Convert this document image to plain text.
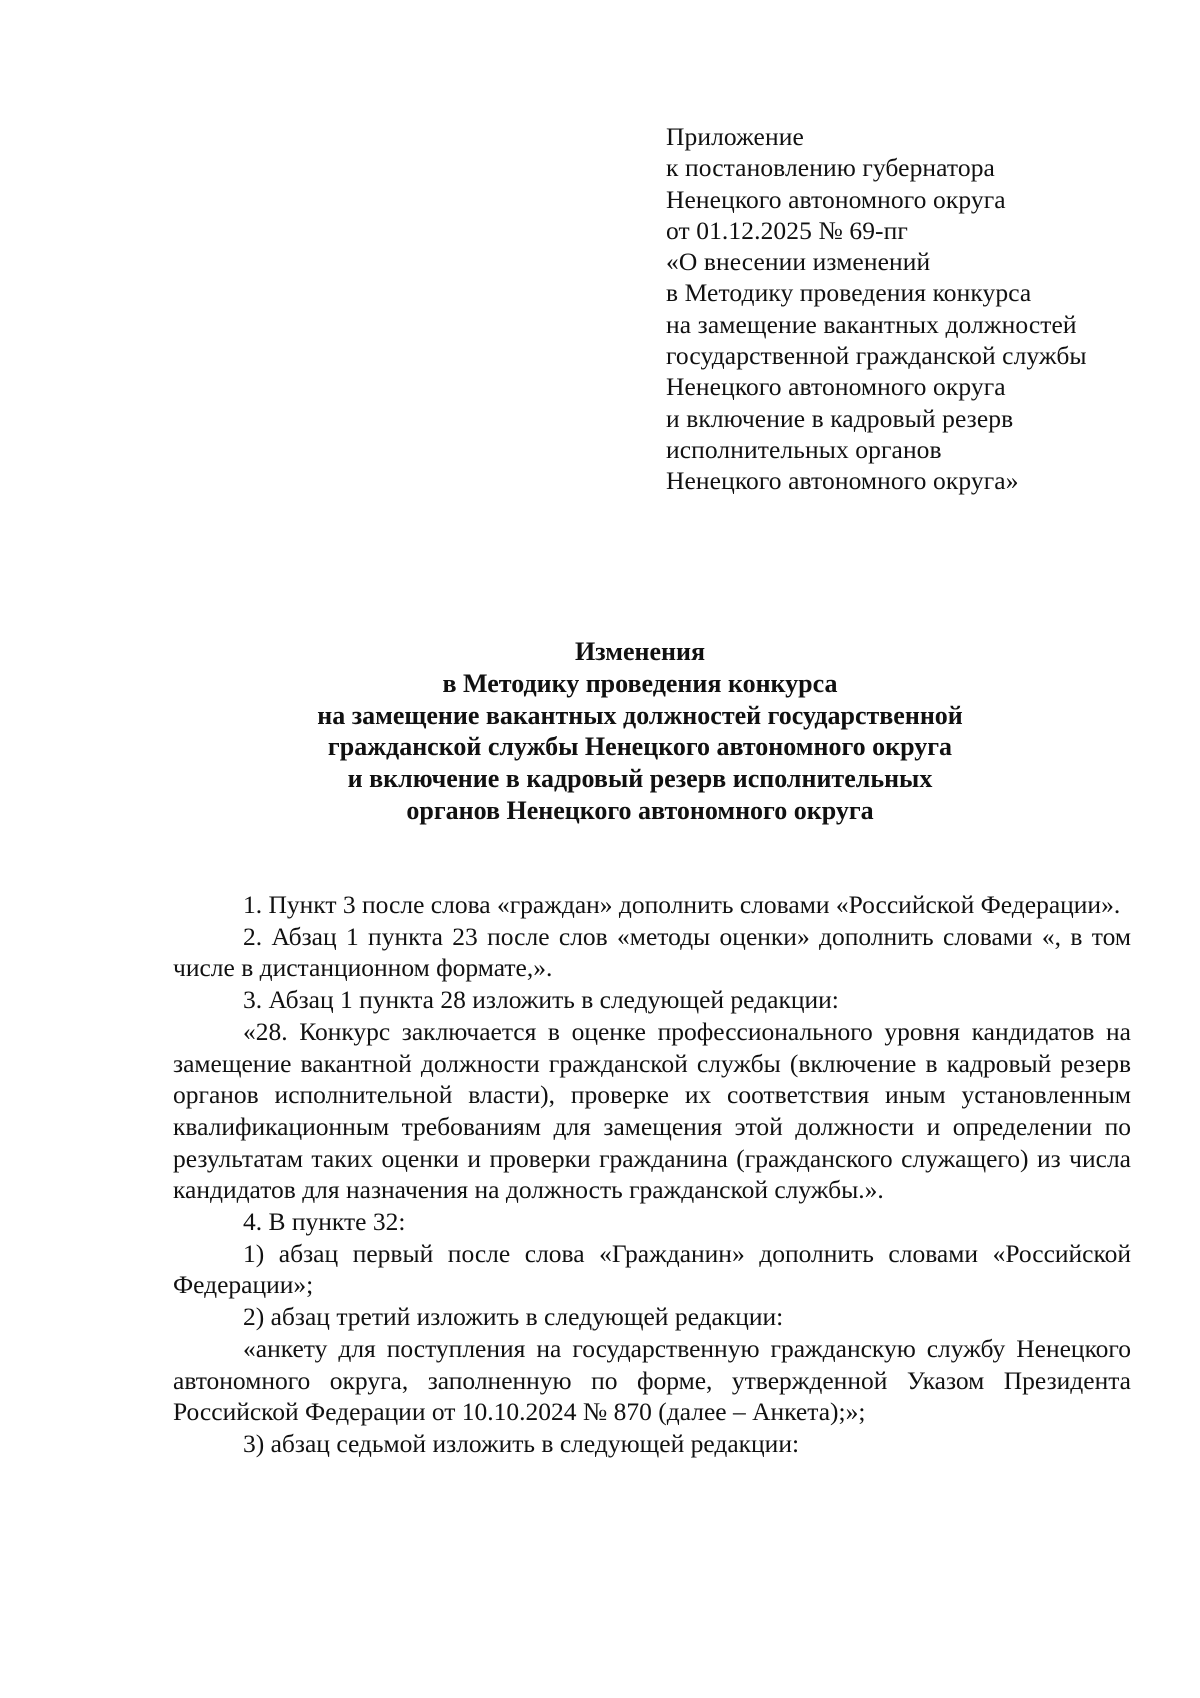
Приложение
к постановлению губернатора
Ненецкого автономного округа
от 01.12.2025 № 69-пг
«О внесении изменений
в Методику проведения конкурса
на замещение вакантных должностей
государственной гражданской службы
Ненецкого автономного округа
и включение в кадровый резерв
исполнительных органов
Ненецкого автономного округа»
Изменения
в Методику проведения конкурса
на замещение вакантных должностей государственной
гражданской службы Ненецкого автономного округа
и включение в кадровый резерв исполнительных
органов Ненецкого автономного округа

1. Пункт 3 после слова «граждан» дополнить словами «Российской Федерации».

2. Абзац 1 пункта 23 после слов «методы оценки» дополнить словами «, в том числе в дистанционном формате,».

3. Абзац 1 пункта 28 изложить в следующей редакции:

«28. Конкурс заключается в оценке профессионального уровня кандидатов на замещение вакантной должности гражданской службы (включение в кадровый резерв органов исполнительной власти), проверке их соответствия иным установленным квалификационным требованиям для замещения этой должности и определении по результатам таких оценки и проверки гражданина (гражданского служащего) из числа кандидатов для назначения на должность гражданской службы.».

4. В пункте 32:

1) абзац первый после слова «Гражданин» дополнить словами «Российской Федерации»;

2) абзац третий изложить в следующей редакции:

«анкету для поступления на государственную гражданскую службу Ненецкого автономного округа, заполненную по форме, утвержденной Указом Президента Российской Федерации от 10.10.2024 № 870 (далее – Анкета);»;

3) абзац седьмой изложить в следующей редакции:
